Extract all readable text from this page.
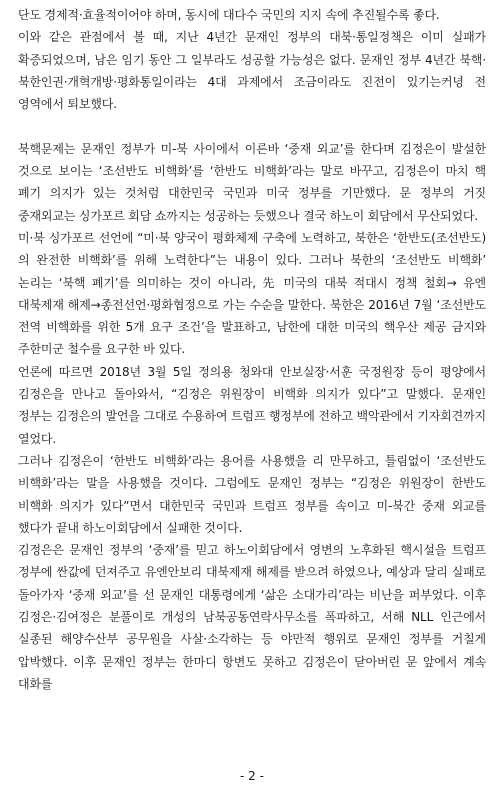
단도 경제적·효율적이어야 하며, 동시에 대다수 국민의 지지 속에 추진될수록 좋다.

이와 같은 관점에서 볼 때, 지난 4년간 문재인 정부의 대북·통일정책은 이미 실패가 확증되었으며, 남은 임기 동안 그 일부라도 성공할 가능성은 없다. 문재인 정부 4년간 북핵·북한인권·개혁개방·평화통일이라는 4대 과제에서 조금이라도 진전이 있기는커녕 전 영역에서 퇴보했다.

북핵문제는 문재인 정부가 미-북 사이에서 이른바 ‘중재 외교’를 한다며 김정은이 발설한 것으로 보이는 ‘조선반도 비핵화’를 ‘한반도 비핵화’라는 말로 바꾸고, 김정은이 마치 핵 폐기 의지가 있는 것처럼 대한민국 국민과 미국 정부를 기만했다. 문 정부의 거짓 중재외교는 싱가포르 회담 쇼까지는 성공하는 듯했으나 결국 하노이 회담에서 무산되었다.

미·북 싱가포르 선언에 “미·북 양국이 평화체제 구축에 노력하고, 북한은 ‘한반도(조선반도)의 완전한 비핵화’를 위해 노력한다”는 내용이 있다. 그러나 북한의 ‘조선반도 비핵화’ 논리는 ‘북핵 폐기’를 의미하는 것이 아니라, 先 미국의 대북 적대시 정책 철회→ 유엔 대북제재 해제→종전선언·평화협정으로 가는 수순을 말한다. 북한은 2016년 7월 ‘조선반도 전역 비핵화를 위한 5개 요구 조건’을 발표하고, 남한에 대한 미국의 핵우산 제공 금지와 주한미군 철수를 요구한 바 있다.

언론에 따르면 2018년 3월 5일 정의용 청와대 안보실장·서훈 국정원장 등이 평양에서 김정은을 만나고 돌아와서, “김정은 위원장이 비핵화 의지가 있다”고 말했다. 문재인 정부는 김정은의 발언을 그대로 수용하여 트럼프 행정부에 전하고 백악관에서 기자회견까지 열었다.

그러나 김정은이 ‘한반도 비핵화’라는 용어를 사용했을 리 만무하고, 틀림없이 ‘조선반도 비핵화’라는 말을 사용했을 것이다. 그럼에도 문재인 정부는 “김정은 위원장이 한반도 비핵화 의지가 있다”면서 대한민국 국민과 트럼프 정부를 속이고 미-북간 중재 외교를 했다가 끝내 하노이회담에서 실패한 것이다.

김정은은 문재인 정부의 ‘중재’를 믿고 하노이회담에서 영변의 노후화된 핵시설을 트럼프 정부에 싼값에 던져주고 유엔안보리 대북제재 해제를 받으려 하였으나, 예상과 달리 실패로 돌아가자 ‘중재 외교’를 선 문재인 대통령에게 ‘삶은 소대가리’라는 비난을 퍼부었다. 이후 김정은·김여정은 분풀이로 개성의 남북공동연락사무소를 폭파하고, 서해 NLL 인근에서 실종된 해양수산부 공무원을 사살·소각하는 등 야만적 행위로 문재인 정부를 거칠게 압박했다. 이후 문재인 정부는 한마디 항변도 못하고 김정은이 닫아버린 문 앞에서 계속 대화를

- 2 -
